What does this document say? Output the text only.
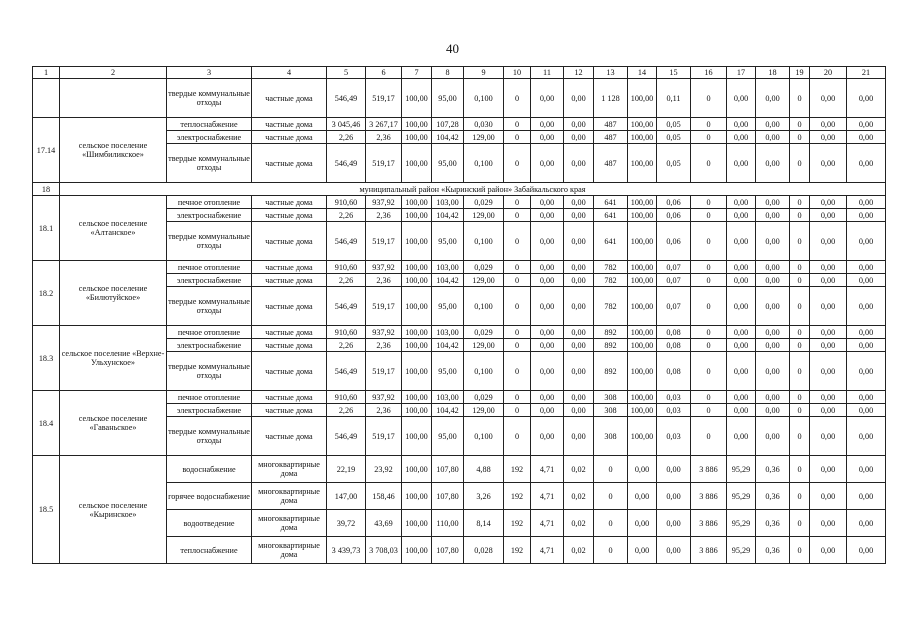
40
1	2	3	4	5	6	7	8	9	10	11	12	13	14	15	16	17	18	19	20	21
		твердые коммунальные отходы	частные дома	546,49	519,17	100,00	95,00	0,100	0	0,00	0,00	1 128	100,00	0,11	0	0,00	0,00	0	0,00	0,00
17.14	сельское поселение «Шимбиликское»	теплоснабжение	частные дома	3 045,46	3 267,17	100,00	107,28	0,030	0	0,00	0,00	487	100,00	0,05	0	0,00	0,00	0	0,00	0,00
		электроснабжение	частные дома	2,26	2,36	100,00	104,42	129,00	0	0,00	0,00	487	100,00	0,05	0	0,00	0,00	0	0,00	0,00
		твердые коммунальные отходы	частные дома	546,49	519,17	100,00	95,00	0,100	0	0,00	0,00	487	100,00	0,05	0	0,00	0,00	0	0,00	0,00
18	муниципальный район «Кыринский район» Забайкальского края																			
18.1	сельское поселение «Алтанское»	печное отопление	частные дома	910,60	937,92	100,00	103,00	0,029	0	0,00	0,00	641	100,00	0,06	0	0,00	0,00	0	0,00	0,00
		электроснабжение	частные дома	2,26	2,36	100,00	104,42	129,00	0	0,00	0,00	641	100,00	0,06	0	0,00	0,00	0	0,00	0,00
		твердые коммунальные отходы	частные дома	546,49	519,17	100,00	95,00	0,100	0	0,00	0,00	641	100,00	0,06	0	0,00	0,00	0	0,00	0,00
18.2	сельское поселение «Билютуйское»	печное отопление	частные дома	910,60	937,92	100,00	103,00	0,029	0	0,00	0,00	782	100,00	0,07	0	0,00	0,00	0	0,00	0,00
		электроснабжение	частные дома	2,26	2,36	100,00	104,42	129,00	0	0,00	0,00	782	100,00	0,07	0	0,00	0,00	0	0,00	0,00
		твердые коммунальные отходы	частные дома	546,49	519,17	100,00	95,00	0,100	0	0,00	0,00	782	100,00	0,07	0	0,00	0,00	0	0,00	0,00
18.3	сельское поселение «Верхне-Ульхунское»	печное отопление	частные дома	910,60	937,92	100,00	103,00	0,029	0	0,00	0,00	892	100,00	0,08	0	0,00	0,00	0	0,00	0,00
		электроснабжение	частные дома	2,26	2,36	100,00	104,42	129,00	0	0,00	0,00	892	100,00	0,08	0	0,00	0,00	0	0,00	0,00
		твердые коммунальные отходы	частные дома	546,49	519,17	100,00	95,00	0,100	0	0,00	0,00	892	100,00	0,08	0	0,00	0,00	0	0,00	0,00
18.4	сельское поселение «Гаваньское»	печное отопление	частные дома	910,60	937,92	100,00	103,00	0,029	0	0,00	0,00	308	100,00	0,03	0	0,00	0,00	0	0,00	0,00
		электроснабжение	частные дома	2,26	2,36	100,00	104,42	129,00	0	0,00	0,00	308	100,00	0,03	0	0,00	0,00	0	0,00	0,00
		твердые коммунальные отходы	частные дома	546,49	519,17	100,00	95,00	0,100	0	0,00	0,00	308	100,00	0,03	0	0,00	0,00	0	0,00	0,00
18.5	сельское поселение «Кыринское»	водоснабжение	многоквартирные дома	22,19	23,92	100,00	107,80	4,88	192	4,71	0,02	0	0,00	0,00	3 886	95,29	0,36	0	0,00	0,00
		горячее водоснабжение	многоквартирные дома	147,00	158,46	100,00	107,80	3,26	192	4,71	0,02	0	0,00	0,00	3 886	95,29	0,36	0	0,00	0,00
		водоотведение	многоквартирные дома	39,72	43,69	100,00	110,00	8,14	192	4,71	0,02	0	0,00	0,00	3 886	95,29	0,36	0	0,00	0,00
		теплоснабжение	многоквартирные дома	3 439,73	3 708,03	100,00	107,80	0,028	192	4,71	0,02	0	0,00	0,00	3 886	95,29	0,36	0	0,00	0,00
